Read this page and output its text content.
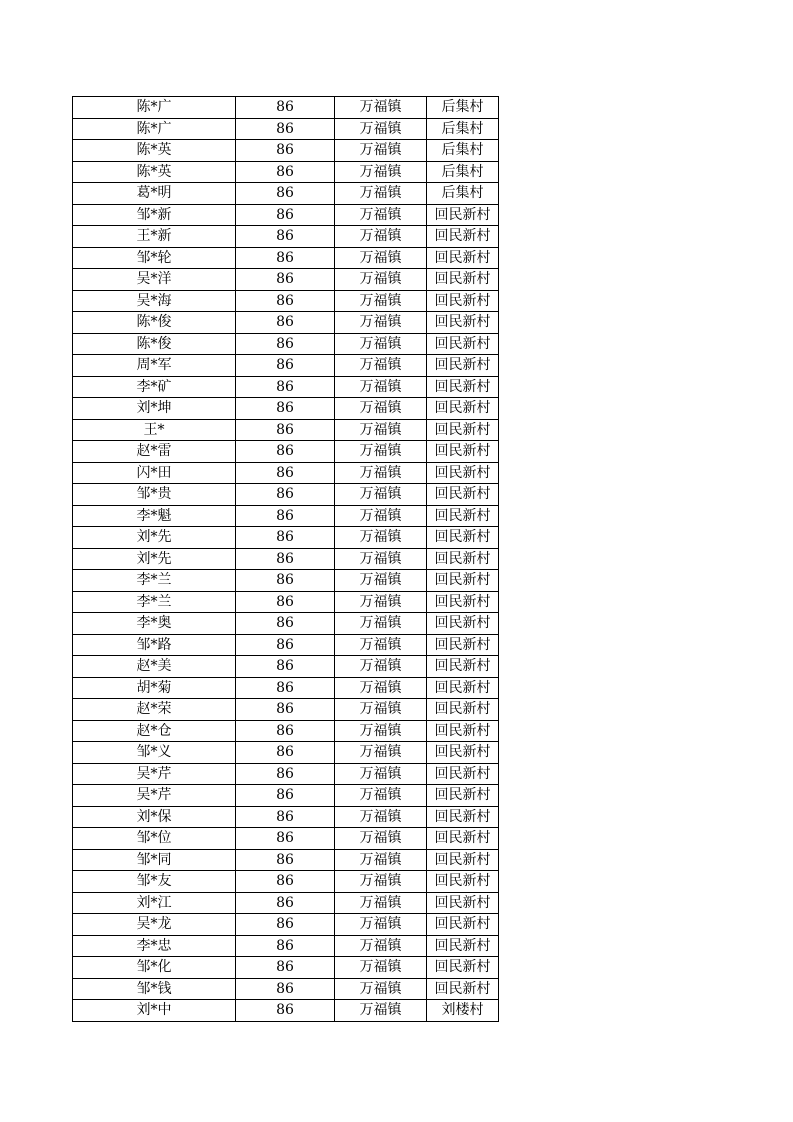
陈*广	86	万福镇	后集村
陈*广	86	万福镇	后集村
陈*英	86	万福镇	后集村
陈*英	86	万福镇	后集村
葛*明	86	万福镇	后集村
邹*新	86	万福镇	回民新村
王*新	86	万福镇	回民新村
邹*轮	86	万福镇	回民新村
吴*洋	86	万福镇	回民新村
吴*海	86	万福镇	回民新村
陈*俊	86	万福镇	回民新村
陈*俊	86	万福镇	回民新村
周*军	86	万福镇	回民新村
李*矿	86	万福镇	回民新村
刘*坤	86	万福镇	回民新村
王*	86	万福镇	回民新村
赵*雷	86	万福镇	回民新村
闪*田	86	万福镇	回民新村
邹*贵	86	万福镇	回民新村
李*魁	86	万福镇	回民新村
刘*先	86	万福镇	回民新村
刘*先	86	万福镇	回民新村
李*兰	86	万福镇	回民新村
李*兰	86	万福镇	回民新村
李*奥	86	万福镇	回民新村
邹*路	86	万福镇	回民新村
赵*美	86	万福镇	回民新村
胡*菊	86	万福镇	回民新村
赵*荣	86	万福镇	回民新村
赵*仓	86	万福镇	回民新村
邹*义	86	万福镇	回民新村
吴*芹	86	万福镇	回民新村
吴*芹	86	万福镇	回民新村
刘*保	86	万福镇	回民新村
邹*位	86	万福镇	回民新村
邹*同	86	万福镇	回民新村
邹*友	86	万福镇	回民新村
刘*江	86	万福镇	回民新村
吴*龙	86	万福镇	回民新村
李*忠	86	万福镇	回民新村
邹*化	86	万福镇	回民新村
邹*钱	86	万福镇	回民新村
刘*中	86	万福镇	刘楼村
